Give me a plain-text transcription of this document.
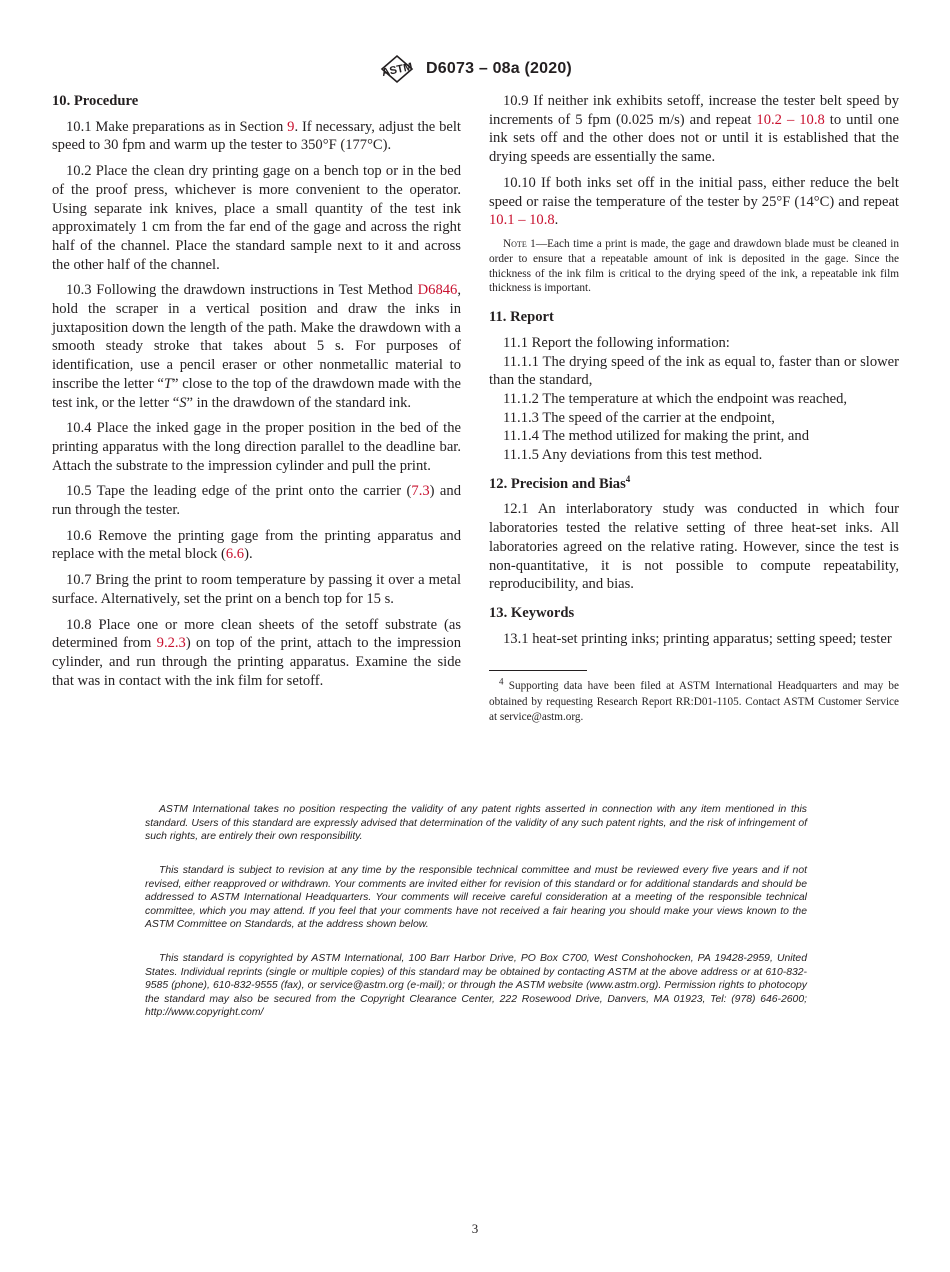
ASTM D6073 – 08a (2020)
10. Procedure

10.1 Make preparations as in Section 9. If necessary, adjust the belt speed to 30 fpm and warm up the tester to 350°F (177°C).

10.2 Place the clean dry printing gage on a bench top or in the bed of the proof press, whichever is more convenient to the operator. Using separate ink knives, place a small quantity of the test ink approximately 1 cm from the far end of the gage and across the right half of the channel. Place the standard sample next to it and across the other half of the channel.

10.3 Following the drawdown instructions in Test Method D6846, hold the scraper in a vertical position and draw the inks in juxtaposition down the length of the path. Make the drawdown with a smooth steady stroke that takes about 5 s. For purposes of identification, use a pencil eraser or other nonmetallic material to inscribe the letter “T” close to the top of the drawdown made with the test ink, or the letter “S” in the drawdown of the standard ink.

10.4 Place the inked gage in the proper position in the bed of the printing apparatus with the long direction parallel to the deadline bar. Attach the substrate to the impression cylinder and pull the print.

10.5 Tape the leading edge of the print onto the carrier (7.3) and run through the tester.

10.6 Remove the printing gage from the printing apparatus and replace with the metal block (6.6).

10.7 Bring the print to room temperature by passing it over a metal surface. Alternatively, set the print on a bench top for 15 s.

10.8 Place one or more clean sheets of the setoff substrate (as determined from 9.2.3) on top of the print, attach to the impression cylinder, and run through the printing apparatus. Examine the side that was in contact with the ink film for setoff.

10.9 If neither ink exhibits setoff, increase the tester belt speed by increments of 5 fpm (0.025 m/s) and repeat 10.2 – 10.8 to until one ink sets off and the other does not or until it is established that the drying speeds are essentially the same.

10.10 If both inks set off in the initial pass, either reduce the belt speed or raise the temperature of the tester by 25°F (14°C) and repeat 10.1 – 10.8.

Note 1—Each time a print is made, the gage and drawdown blade must be cleaned in order to ensure that a repeatable amount of ink is deposited in the gage. Since the thickness of the ink film is critical to the drying speed of the ink, a repeatable ink film thickness is important.
11. Report

11.1 Report the following information:

11.1.1 The drying speed of the ink as equal to, faster than or slower than the standard,

11.1.2 The temperature at which the endpoint was reached,

11.1.3 The speed of the carrier at the endpoint,

11.1.4 The method utilized for making the print, and

11.1.5 Any deviations from this test method.

12. Precision and Bias$^4$

12.1 An interlaboratory study was conducted in which four laboratories tested the relative setting of three heat-set inks. All laboratories agreed on the relative rating. However, since the test is non-quantitative, it is not possible to compute repeatability, reproducibility, and bias.

13. Keywords

13.1 heat-set printing inks; printing apparatus; setting speed; tester

$^4$ Supporting data have been filed at ASTM International Headquarters and may be obtained by requesting Research Report RR:D01-1105. Contact ASTM Customer Service at service@astm.org.

ASTM International takes no position respecting the validity of any patent rights asserted in connection with any item mentioned in this standard. Users of this standard are expressly advised that determination of the validity of any such patent rights, and the risk of infringement of such rights, are entirely their own responsibility.

This standard is subject to revision at any time by the responsible technical committee and must be reviewed every five years and if not revised, either reapproved or withdrawn. Your comments are invited either for revision of this standard or for additional standards and should be addressed to ASTM International Headquarters. Your comments will receive careful consideration at a meeting of the responsible technical committee, which you may attend. If you feel that your comments have not received a fair hearing you should make your views known to the ASTM Committee on Standards, at the address shown below.

This standard is copyrighted by ASTM International, 100 Barr Harbor Drive, PO Box C700, West Conshohocken, PA 19428-2959, United States. Individual reprints (single or multiple copies) of this standard may be obtained by contacting ASTM at the above address or at 610-832-9585 (phone), 610-832-9555 (fax), or service@astm.org (e-mail); or through the ASTM website (www.astm.org). Permission rights to photocopy the standard may also be secured from the Copyright Clearance Center, 222 Rosewood Drive, Danvers, MA 01923, Tel: (978) 646-2600; http://www.copyright.com/

3
